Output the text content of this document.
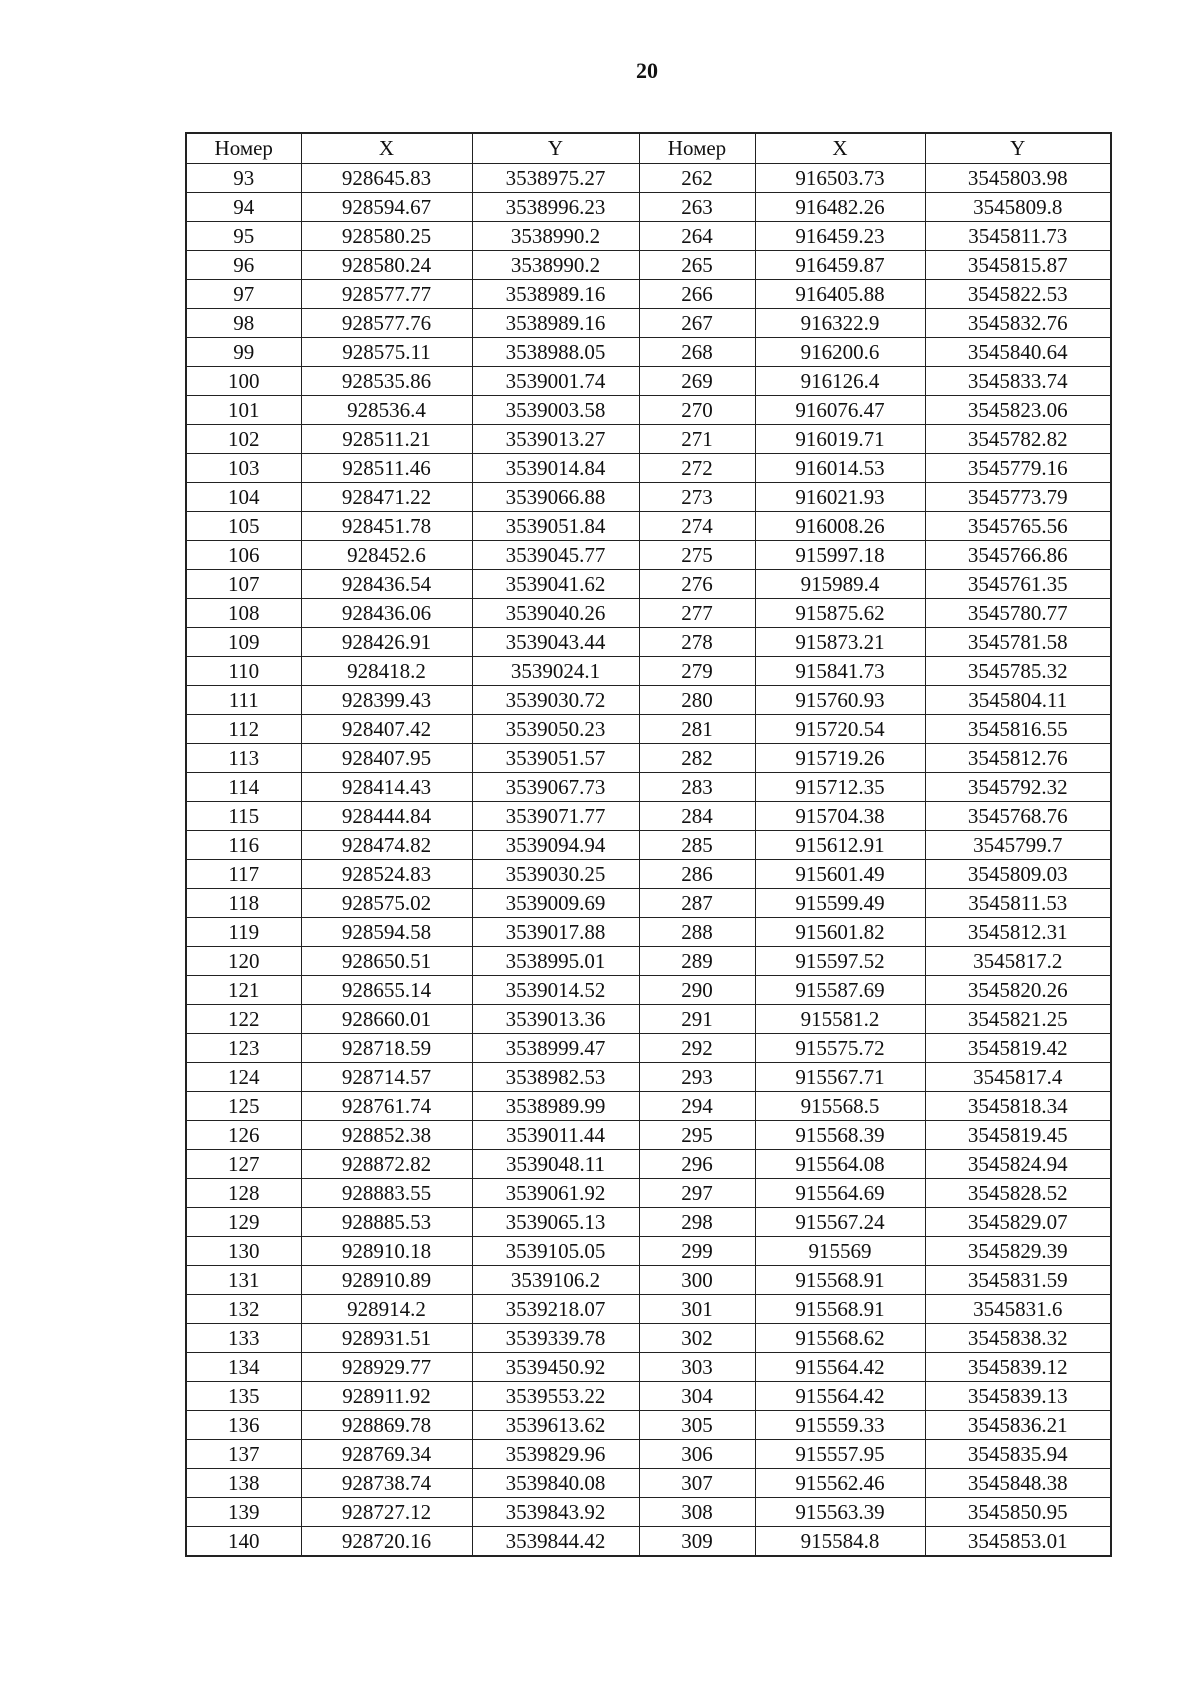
20
Номер	X	Y	Номер	X	Y
93	928645.83	3538975.27	262	916503.73	3545803.98
94	928594.67	3538996.23	263	916482.26	3545809.8
95	928580.25	3538990.2	264	916459.23	3545811.73
96	928580.24	3538990.2	265	916459.87	3545815.87
97	928577.77	3538989.16	266	916405.88	3545822.53
98	928577.76	3538989.16	267	916322.9	3545832.76
99	928575.11	3538988.05	268	916200.6	3545840.64
100	928535.86	3539001.74	269	916126.4	3545833.74
101	928536.4	3539003.58	270	916076.47	3545823.06
102	928511.21	3539013.27	271	916019.71	3545782.82
103	928511.46	3539014.84	272	916014.53	3545779.16
104	928471.22	3539066.88	273	916021.93	3545773.79
105	928451.78	3539051.84	274	916008.26	3545765.56
106	928452.6	3539045.77	275	915997.18	3545766.86
107	928436.54	3539041.62	276	915989.4	3545761.35
108	928436.06	3539040.26	277	915875.62	3545780.77
109	928426.91	3539043.44	278	915873.21	3545781.58
110	928418.2	3539024.1	279	915841.73	3545785.32
111	928399.43	3539030.72	280	915760.93	3545804.11
112	928407.42	3539050.23	281	915720.54	3545816.55
113	928407.95	3539051.57	282	915719.26	3545812.76
114	928414.43	3539067.73	283	915712.35	3545792.32
115	928444.84	3539071.77	284	915704.38	3545768.76
116	928474.82	3539094.94	285	915612.91	3545799.7
117	928524.83	3539030.25	286	915601.49	3545809.03
118	928575.02	3539009.69	287	915599.49	3545811.53
119	928594.58	3539017.88	288	915601.82	3545812.31
120	928650.51	3538995.01	289	915597.52	3545817.2
121	928655.14	3539014.52	290	915587.69	3545820.26
122	928660.01	3539013.36	291	915581.2	3545821.25
123	928718.59	3538999.47	292	915575.72	3545819.42
124	928714.57	3538982.53	293	915567.71	3545817.4
125	928761.74	3538989.99	294	915568.5	3545818.34
126	928852.38	3539011.44	295	915568.39	3545819.45
127	928872.82	3539048.11	296	915564.08	3545824.94
128	928883.55	3539061.92	297	915564.69	3545828.52
129	928885.53	3539065.13	298	915567.24	3545829.07
130	928910.18	3539105.05	299	915569	3545829.39
131	928910.89	3539106.2	300	915568.91	3545831.59
132	928914.2	3539218.07	301	915568.91	3545831.6
133	928931.51	3539339.78	302	915568.62	3545838.32
134	928929.77	3539450.92	303	915564.42	3545839.12
135	928911.92	3539553.22	304	915564.42	3545839.13
136	928869.78	3539613.62	305	915559.33	3545836.21
137	928769.34	3539829.96	306	915557.95	3545835.94
138	928738.74	3539840.08	307	915562.46	3545848.38
139	928727.12	3539843.92	308	915563.39	3545850.95
140	928720.16	3539844.42	309	915584.8	3545853.01
